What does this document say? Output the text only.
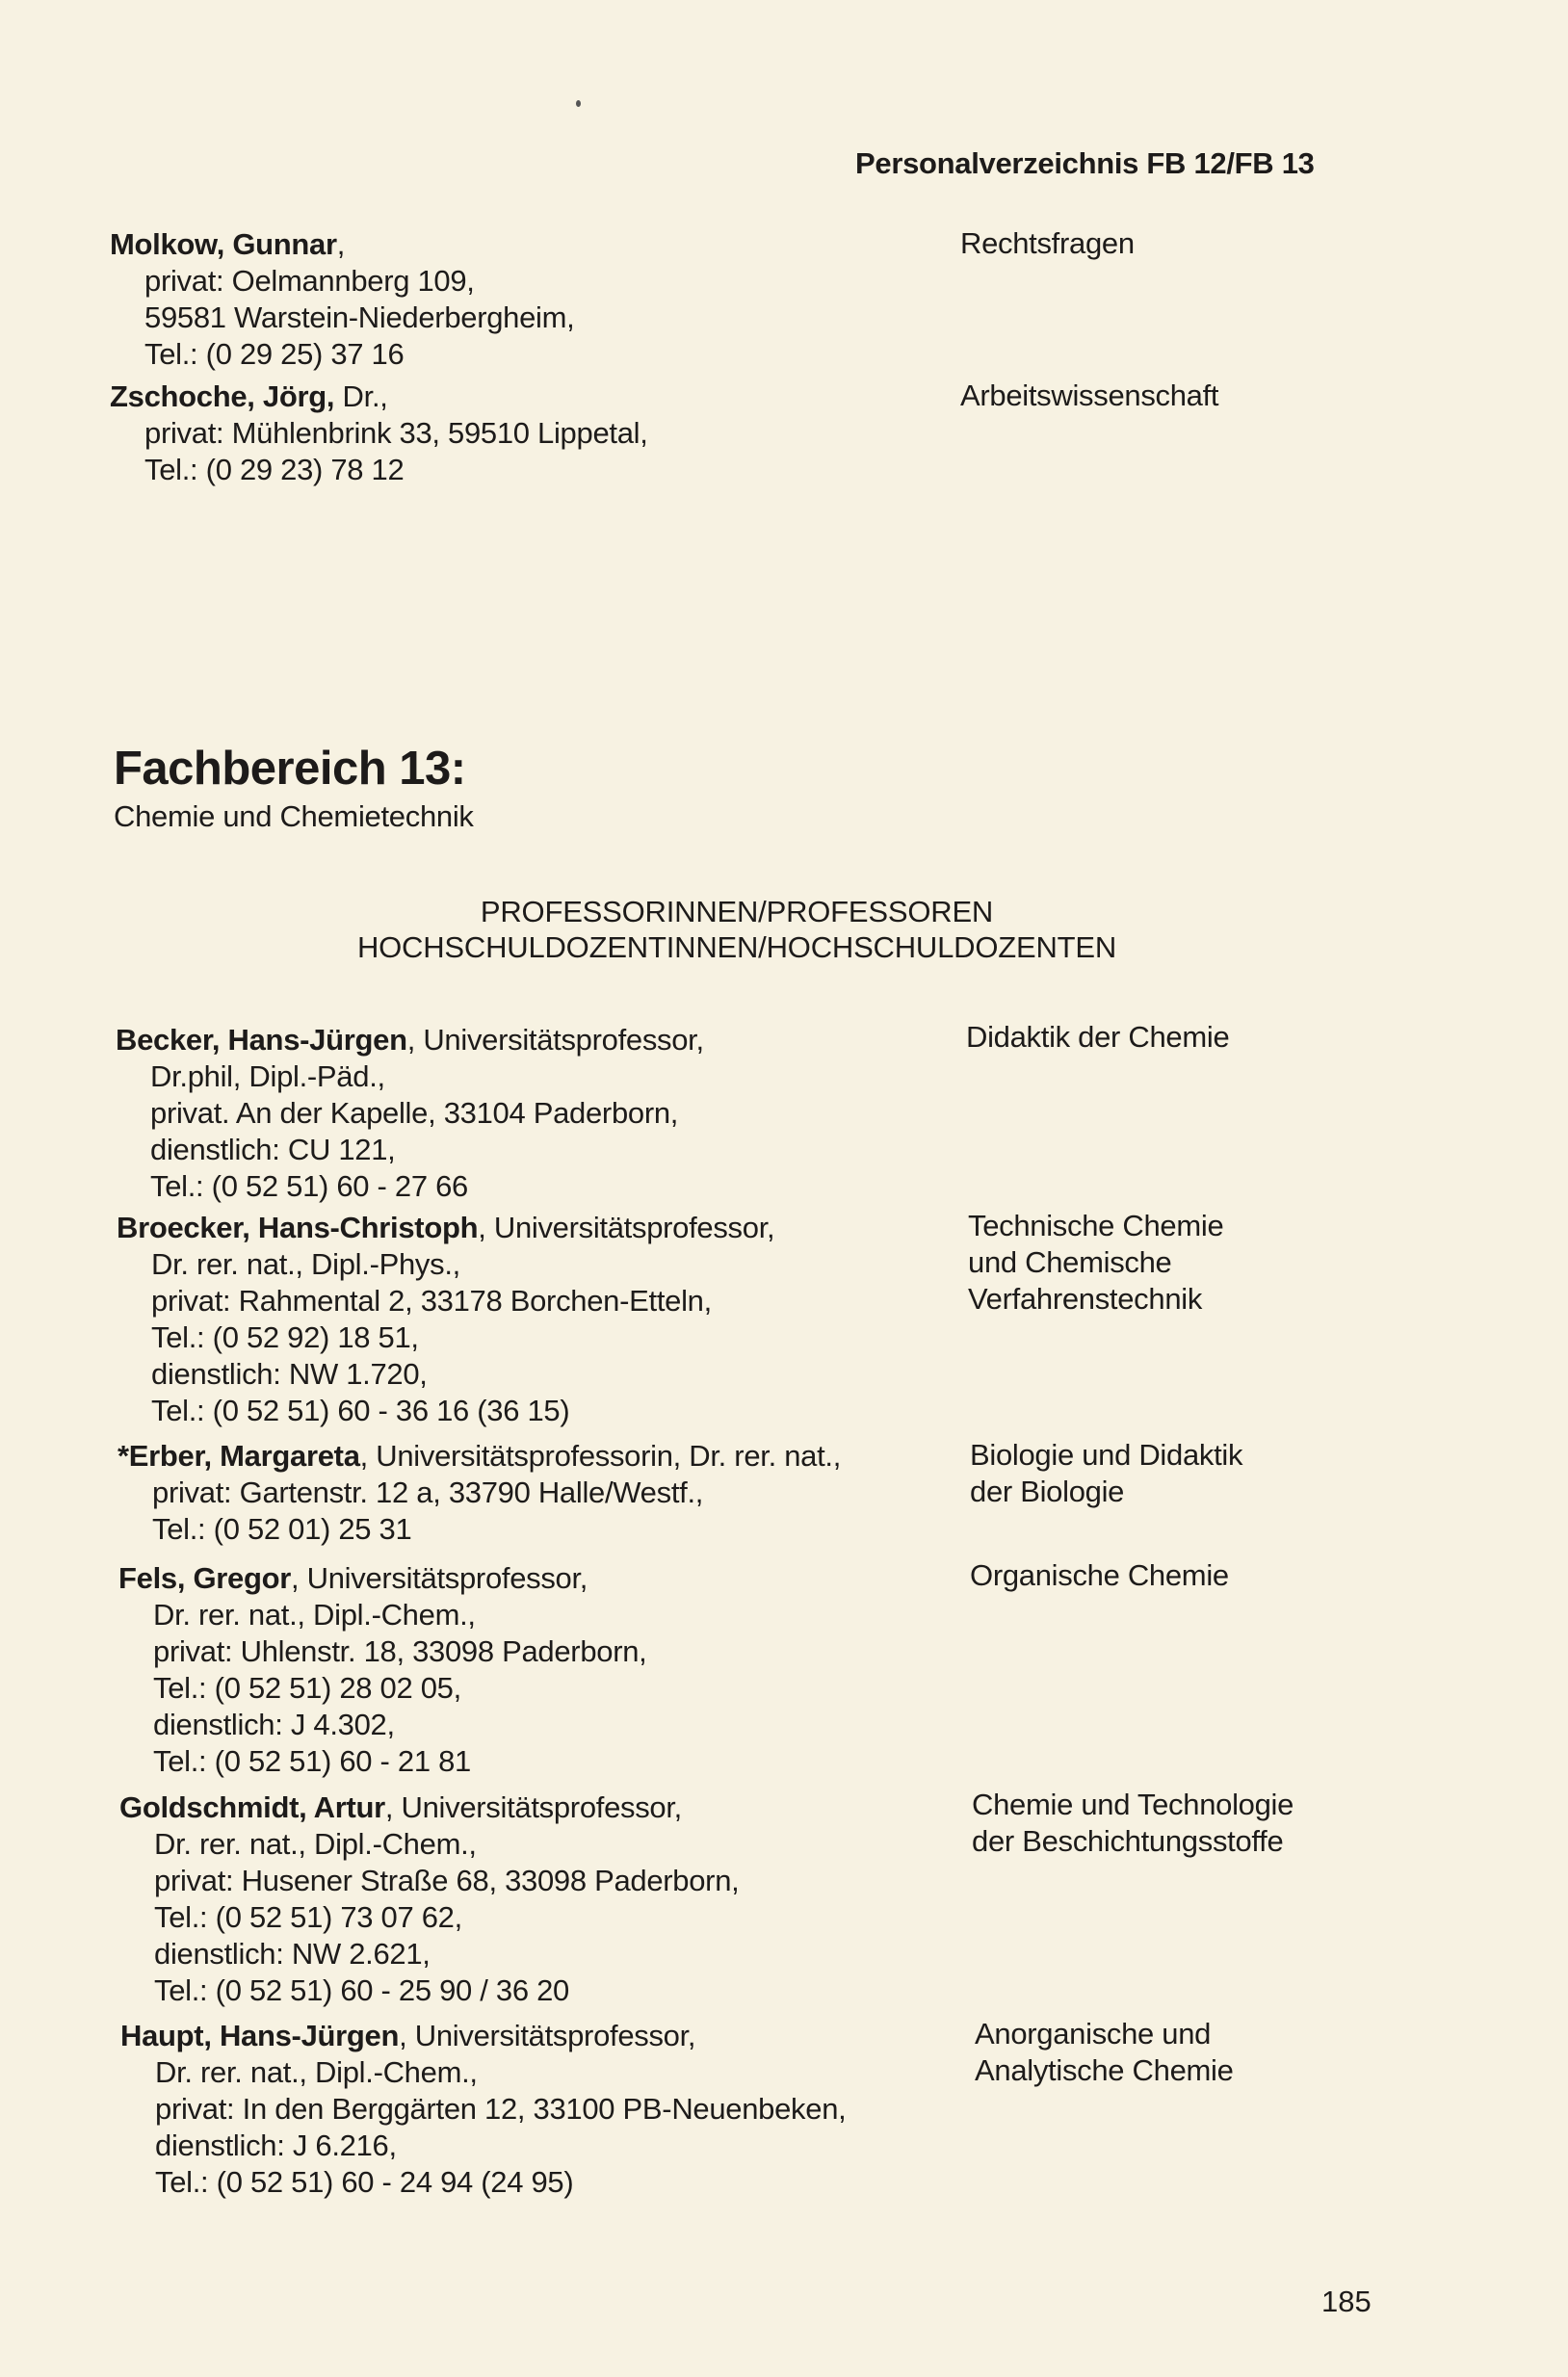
Personalverzeichnis FB 12/FB 13
Molkow, Gunnar,
privat: Oelmannberg 109,
59581 Warstein-Niederbergheim,
Tel.: (0 29 25) 37 16
Rechtsfragen
Zschoche, Jörg, Dr.,
privat: Mühlenbrink 33, 59510 Lippetal,
Tel.: (0 29 23) 78 12
Arbeitswissenschaft
Fachbereich 13:
Chemie und Chemietechnik
PROFESSORINNEN/PROFESSOREN
HOCHSCHULDOZENTINNEN/HOCHSCHULDOZENTEN
Becker, Hans-Jürgen, Universitätsprofessor,
Dr.phil, Dipl.-Päd.,
privat. An der Kapelle, 33104 Paderborn,
dienstlich: CU 121,
Tel.: (0 52 51) 60 - 27 66
Didaktik der Chemie
Broecker, Hans-Christoph, Universitätsprofessor,
Dr. rer. nat., Dipl.-Phys.,
privat: Rahmental 2, 33178 Borchen-Etteln,
Tel.: (0 52 92) 18 51,
dienstlich: NW 1.720,
Tel.: (0 52 51) 60 - 36 16 (36 15)
Technische Chemie
und Chemische
Verfahrenstechnik
*Erber, Margareta, Universitätsprofessorin, Dr. rer. nat.,
privat: Gartenstr. 12 a, 33790 Halle/Westf.,
Tel.: (0 52 01) 25 31
Biologie und Didaktik
der Biologie
Fels, Gregor, Universitätsprofessor,
Dr. rer. nat., Dipl.-Chem.,
privat: Uhlenstr. 18, 33098 Paderborn,
Tel.: (0 52 51) 28 02 05,
dienstlich: J 4.302,
Tel.: (0 52 51) 60 - 21 81
Organische Chemie
Goldschmidt, Artur, Universitätsprofessor,
Dr. rer. nat., Dipl.-Chem.,
privat: Husener Straße 68, 33098 Paderborn,
Tel.: (0 52 51) 73 07 62,
dienstlich: NW 2.621,
Tel.: (0 52 51) 60 - 25 90 / 36 20
Chemie und Technologie
der Beschichtungsstoffe
Haupt, Hans-Jürgen, Universitätsprofessor,
Dr. rer. nat., Dipl.-Chem.,
privat: In den Berggärten 12, 33100 PB-Neuenbeken,
dienstlich: J 6.216,
Tel.: (0 52 51) 60 - 24 94 (24 95)
Anorganische und
Analytische Chemie
185
